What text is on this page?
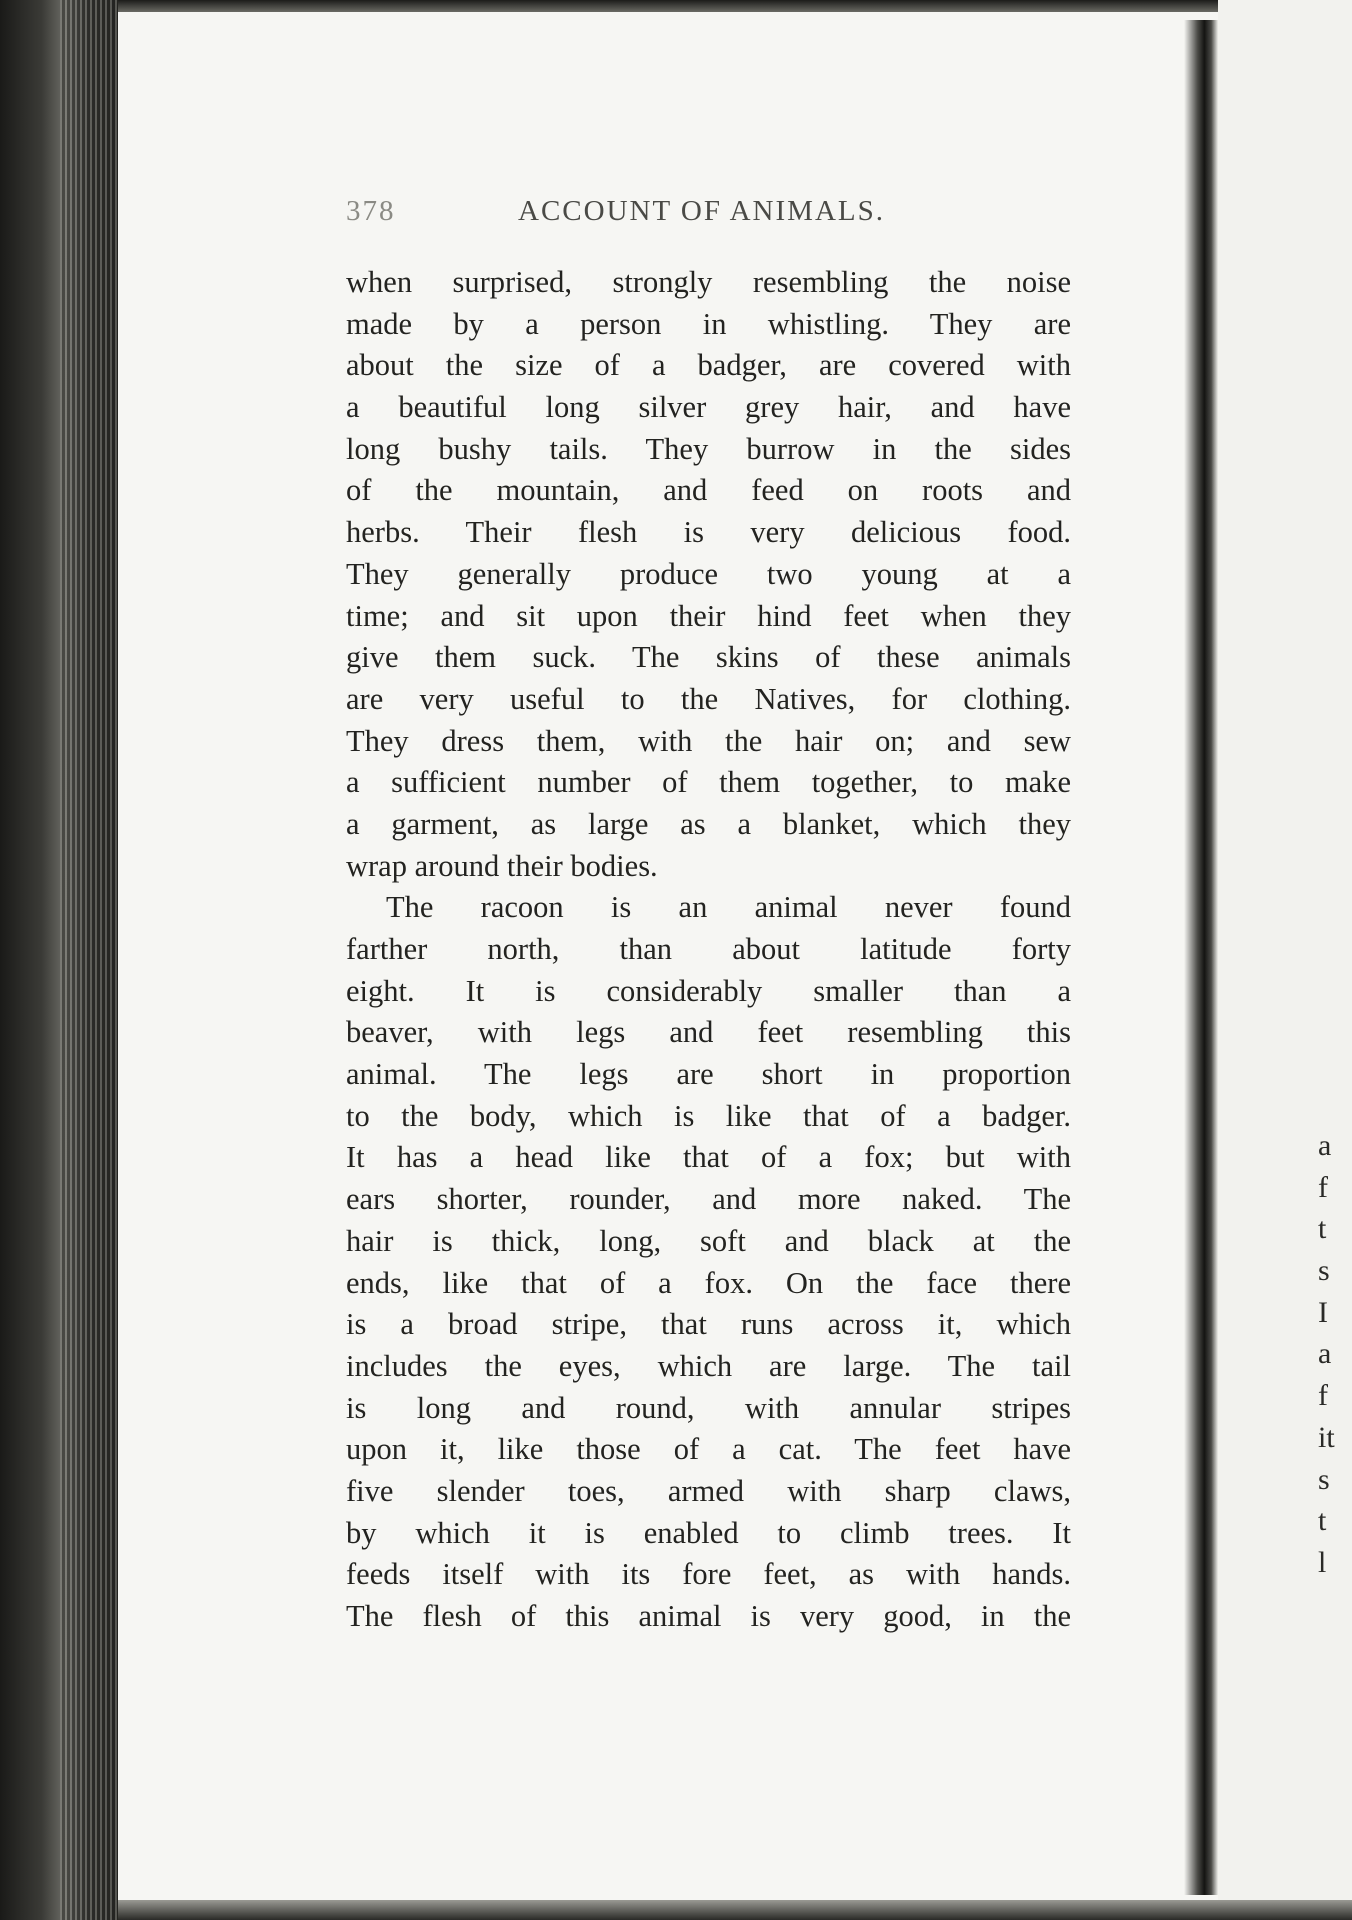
378	ACCOUNT OF ANIMALS.
when surprised, strongly resembling the noise
made by a person in whistling. They are
about the size of a badger, are covered with
a beautiful long silver grey hair, and have
long bushy tails. They burrow in the sides
of the mountain, and feed on roots and
herbs. Their flesh is very delicious food.
They generally produce two young at a
time; and sit upon their hind feet when they
give them suck. The skins of these animals
are very useful to the Natives, for clothing.
They dress them, with the hair on; and sew
a sufficient number of them together, to make
a garment, as large as a blanket, which they
wrap around their bodies.
The racoon is an animal never found
farther north, than about latitude forty
eight. It is considerably smaller than a
beaver, with legs and feet resembling this
animal. The legs are short in proportion
to the body, which is like that of a badger.
It has a head like that of a fox; but with
ears shorter, rounder, and more naked. The
hair is thick, long, soft and black at the
ends, like that of a fox. On the face there
is a broad stripe, that runs across it, which
includes the eyes, which are large. The tail
is long and round, with annular stripes
upon it, like those of a cat. The feet have
five slender toes, armed with sharp claws,
by which it is enabled to climb trees. It
feeds itself with its fore feet, as with hands.
The flesh of this animal is very good, in the
a
f
t
s
I
a
f
it
s
t
l
